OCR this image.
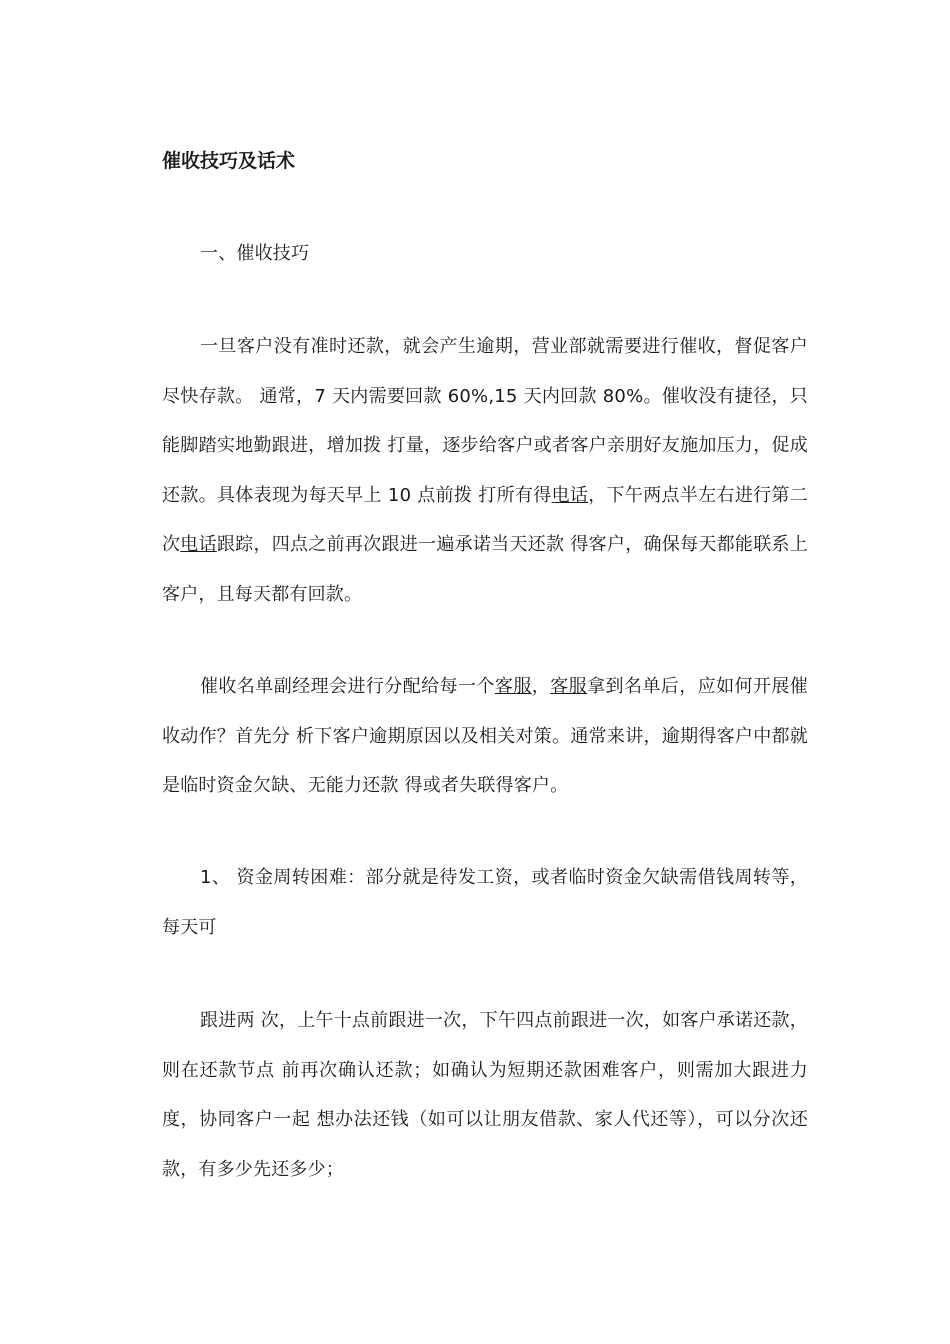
催收技巧及话术

一、催收技巧

一旦客户没有准时还款，就会产生逾期，营业部就需要进行催收，督促客户尽快存款。 通常，7 天内需要回款 60%,15 天内回款 80%。催收没有捷径，只能脚踏实地勤跟进，增加拨 打量，逐步给客户或者客户亲朋好友施加压力，促成还款。具体表现为每天早上 10 点前拨 打所有得电话，下午两点半左右进行第二次电话跟踪，四点之前再次跟进一遍承诺当天还款 得客户，确保每天都能联系上客户，且每天都有回款。

催收名单副经理会进行分配给每一个客服，客服拿到名单后，应如何开展催收动作？首先分 析下客户逾期原因以及相关对策。通常来讲，逾期得客户中都就是临时资金欠缺、无能力还款 得或者失联得客户。

1、 资金周转困难：部分就是待发工资，或者临时资金欠缺需借钱周转等，每天可

跟进两 次，上午十点前跟进一次，下午四点前跟进一次，如客户承诺还款，则在还款节点 前再次确认还款；如确认为短期还款困难客户，则需加大跟进力度，协同客户一起 想办法还钱（如可以让朋友借款、家人代还等），可以分次还款，有多少先还多少；
